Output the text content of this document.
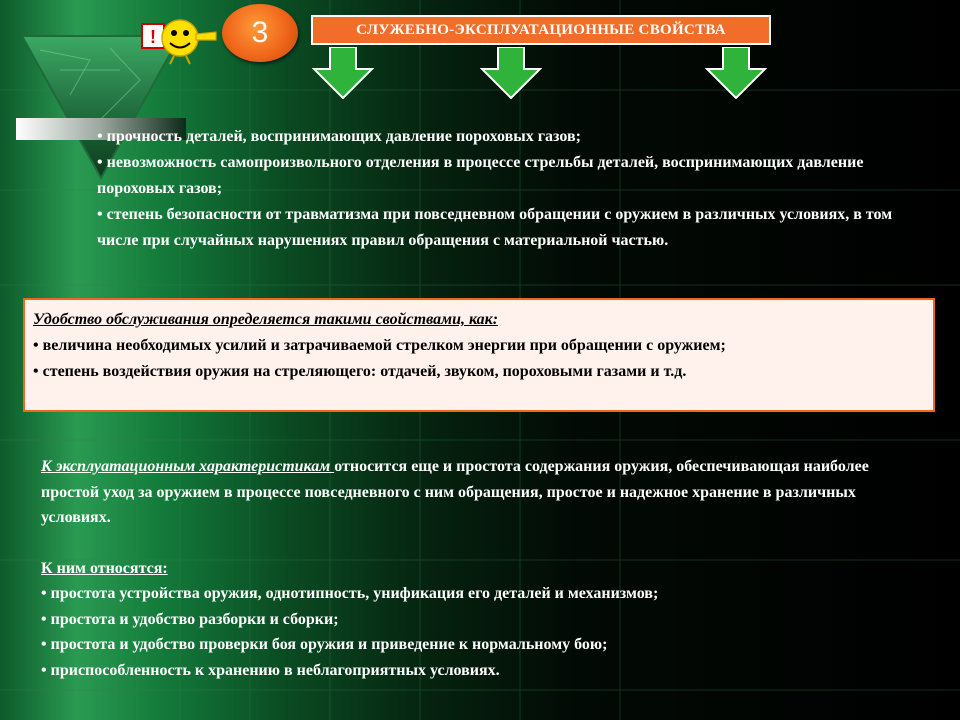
!	3	СЛУЖЕБНО-ЭКСПЛУАТАЦИОННЫЕ СВОЙСТВА

• прочность деталей, воспринимающих давление пороховых газов;

• невозможность самопроизвольного отделения в процессе стрельбы деталей, воспринимающих давление пороховых газов;

• степень безопасности от травматизма при повседневном обращении с оружием в различных условиях, в том числе при случайных нарушениях правил обращения с материальной частью.

Удобство обслуживания определяется такими свойствами, как:

• величина необходимых усилий и затрачиваемой стрелком энергии при обращении с оружием;

• степень воздействия оружия на стреляющего: отдачей, звуком, пороховыми газами и т.д.

К эксплуатационным характеристикам относится еще и простота содержания оружия, обеспечивающая наиболее простой уход за оружием в процессе повседневного с ним обращения, простое и надежное хранение в различных условиях.

К ним относятся:

• простота устройства оружия, однотипность, унификация его деталей и механизмов;

• простота и удобство разборки и сборки;

• простота и удобство проверки боя оружия и приведение к нормальному бою;

• приспособленность к хранению в неблагоприятных условиях.
